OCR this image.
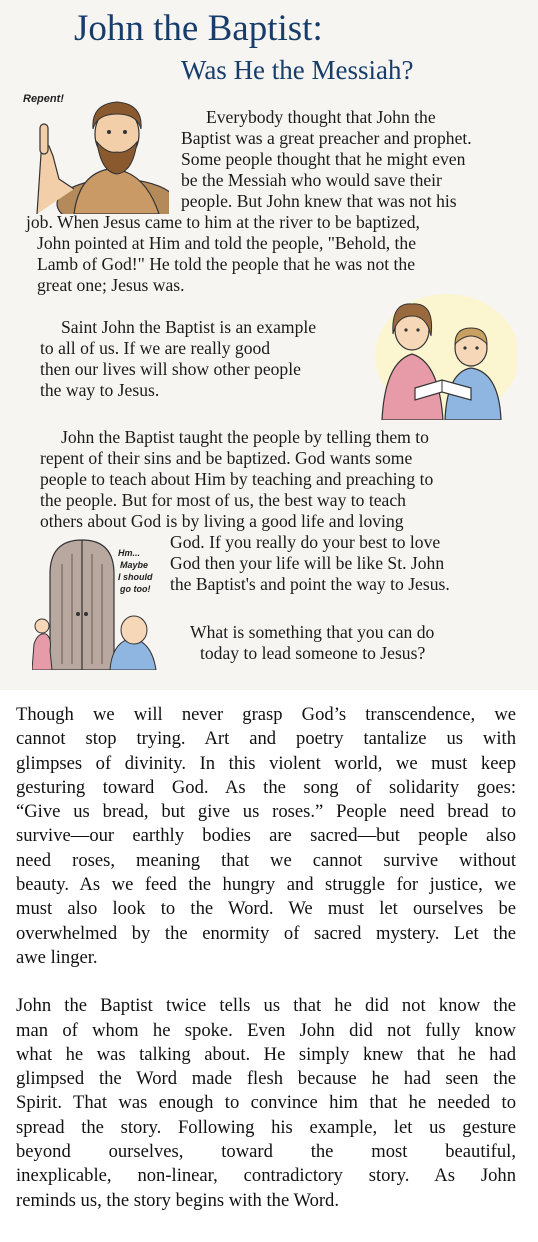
John the Baptist:
Was He the Messiah?
Repent!
Everybody thought that John the
Baptist was a great preacher and prophet.
Some people thought that he might even
be the Messiah who would save their
people. But John knew that was not his
job. When Jesus came to him at the river to be baptized,
John pointed at Him and told the people, "Behold, the
Lamb of God!" He told the people that he was not the
great one; Jesus was.
Saint John the Baptist is an example
to all of us. If we are really good
then our lives will show other people
the way to Jesus.
John the Baptist taught the people by telling them to
repent of their sins and be baptized. God wants some
people to teach about Him by teaching and preaching to
the people. But for most of us, the best way to teach
others about God is by living a good life and loving
God. If you really do your best to love
God then your life will be like St. John
the Baptist's and point the way to Jesus.
Hm...
Maybe
I should
go too!
What is something that you can do
today to lead someone to Jesus?

Though we will never grasp God’s transcendence, we
cannot stop trying. Art and poetry tantalize us with
glimpses of divinity. In this violent world, we must keep
gesturing toward God. As the song of solidarity goes:
“Give us bread, but give us roses.” People need bread to
survive—our earthly bodies are sacred—but people also
need roses, meaning that we cannot survive without
beauty. As we feed the hungry and struggle for justice, we
must also look to the Word. We must let ourselves be
overwhelmed by the enormity of sacred mystery. Let the
awe linger.

John the Baptist twice tells us that he did not know the
man of whom he spoke. Even John did not fully know
what he was talking about. He simply knew that he had
glimpsed the Word made flesh because he had seen the
Spirit. That was enough to convince him that he needed to
spread the story. Following his example, let us gesture
beyond ourselves, toward the most beautiful,
inexplicable, non-linear, contradictory story. As John
reminds us, the story begins with the Word.
